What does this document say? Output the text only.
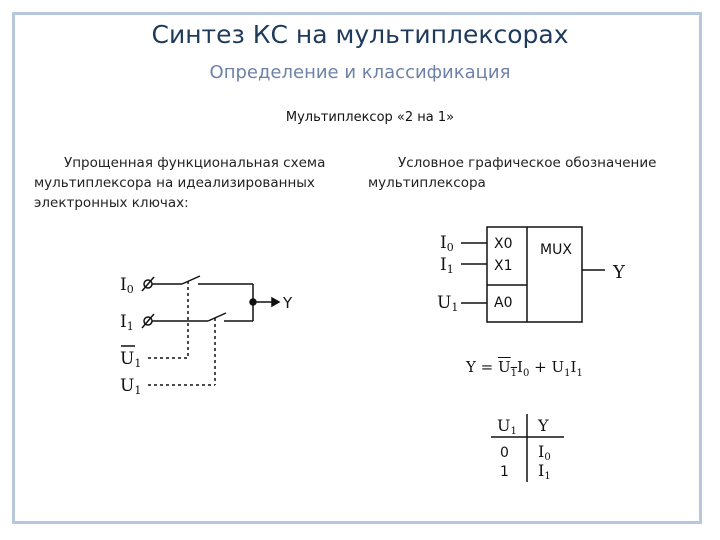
Синтез КС на мультиплексорах
Определение и классификация
Мультиплексор «2 на 1»

Упрощенная функциональная схема

мультиплексора на идеализированных

электронных ключах:

Условное графическое обозначение

мультиплексора

I0
I1
Y
U1
U1
X0
X1
A0
MUX
I0
I1
U1
Y
U1 Y
0 I0
1 I1
$Y = U_1I_0 + U_1I_1$
